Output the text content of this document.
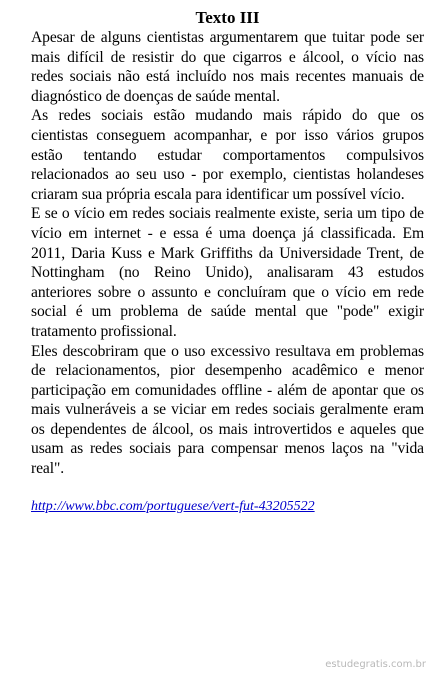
Texto III

Apesar de alguns cientistas argumentarem que tuitar pode ser mais difícil de resistir do que cigarros e álcool, o vício nas redes sociais não está incluído nos mais recentes manuais de diagnóstico de doenças de saúde mental.

As redes sociais estão mudando mais rápido do que os cientistas conseguem acompanhar, e por isso vários grupos estão tentando estudar comportamentos compulsivos relacionados ao seu uso - por exemplo, cientistas holandeses criaram sua própria escala para identificar um possível vício.

E se o vício em redes sociais realmente existe, seria um tipo de vício em internet - e essa é uma doença já classificada. Em 2011, Daria Kuss e Mark Griffiths da Universidade Trent, de Nottingham (no Reino Unido), analisaram 43 estudos anteriores sobre o assunto e concluíram que o vício em rede social é um problema de saúde mental que "pode" exigir tratamento profissional.

Eles descobriram que o uso excessivo resultava em problemas de relacionamentos, pior desempenho acadêmico e menor participação em comunidades offline - além de apontar que os mais vulneráveis a se viciar em redes sociais geralmente eram os dependentes de álcool, os mais introvertidos e aqueles que usam as redes sociais para compensar menos laços na "vida real".

http://www.bbc.com/portuguese/vert-fut-43205522
estudegratis.com.br
